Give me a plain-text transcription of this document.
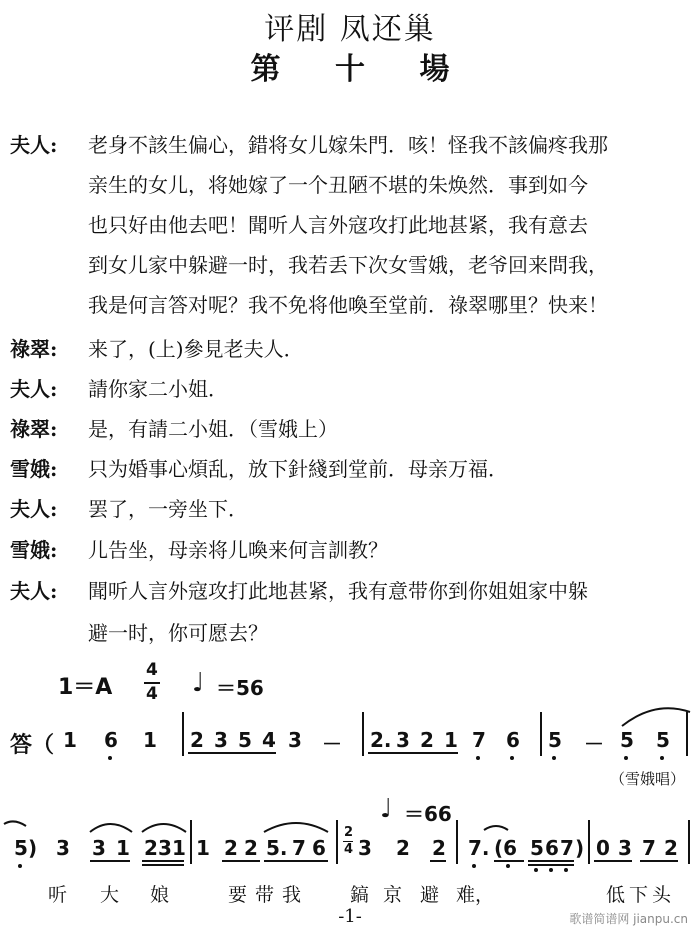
评剧 凤还巢
第 十 場
夫人: 老身不該生偏心，錯将女儿嫁朱門．咳！怪我不該偏疼我那
亲生的女儿，将她嫁了一个丑陋不堪的朱焕然．事到如今
也只好由他去吧！聞听人言外寇攻打此地甚紧，我有意去
到女儿家中躲避一时，我若丢下次女雪娥，老爷回来問我，
我是何言答对呢？我不免将他喚至堂前．祿翠哪里？快来！
祿翠: 来了，(上)參見老夫人．
夫人: 請你家二小姐．
祿翠: 是，有請二小姐．（雪娥上）
雪娥: 只为婚事心煩乱，放下針綫到堂前．母亲万福．
夫人: 罢了，一旁坐下．
雪娥: 儿告坐，母亲将儿喚来何言訓教？
夫人: 聞听人言外寇攻打此地甚紧，我有意带你到你姐姐家中躲
避一时，你可愿去？
1＝A
4
4 ♩ ＝56
答（ 1 6 1 2 3 5 4 3 － 2. 3 2 1 7 6 5 － 5 5
（雪娥唱）
♩ ＝66
5 ) 3 3 1 2 3 1 1 2 2 5. 7 6
2
4 3 2 2 7. (6 5 6 7 ) 0 3 7 2
听 大 娘	要带我 鎬京 避 难，	低下头
-1-	歌谱简谱网 jianpu.cn
